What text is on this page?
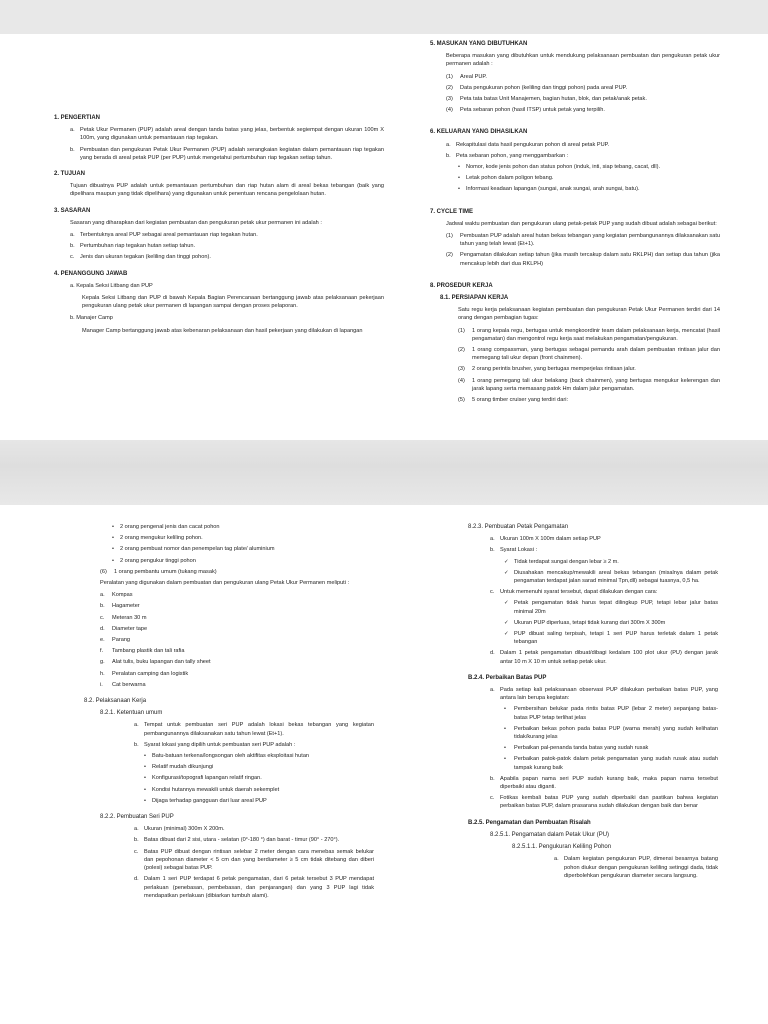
1. PENGERTIAN
a. Petak Ukur Permanen (PUP) adalah areal dengan tanda batas yang jelas, berbentuk segiempat dengan ukuran 100m X 100m, yang digunakan untuk pemantauan riap tegakan.
b. Pembuatan dan pengukuran Petak Ukur Permanen (PUP) adalah serangkaian kegiatan dalam pemantauan riap tegakan yang berada di areal petak PUP (per PUP) untuk mengetahui pertumbuhan riap tegakan setiap tahun.
2. TUJUAN

Tujuan dibuatnya PUP adalah untuk pemantauan pertumbuhan dan riap hutan alam di areal bekas tebangan (baik yang dipelihara maupun yang tidak dipelihara) yang digunakan untuk penentuan rencana pengelolaan hutan.

3. SASARAN

Sasaran yang diharapkan dari kegiatan pembuatan dan pengukuran petak ukur permanen ini adalah :

a. Terbentuknya areal PUP sebagai areal pemantauan riap tegakan hutan.
b. Pertumbuhan riap tegakan hutan setiap tahun.
c.	Jenis dan ukuran tegakan (keliling dan tinggi pohon).
4. PENANGGUNG JAWAB

a. Kepala Seksi Litbang dan PUP

Kepala Seksi Litbang dan PUP di bawah Kepala Bagian Perencanaan bertanggung jawab atas pelaksanaan pekerjaan pengukuran ulang petak ukur permanen di lapangan sampai dengan proses pelaporan.

b. Manajer Camp

Manager Camp bertanggung jawab atas kebenaran pelaksanaan dan hasil pekerjaan yang dilakukan di lapangan

5. MASUKAN YANG DIBUTUHKAN

Beberapa masukan yang dibutuhkan untuk mendukung pelaksanaan pembuatan dan pengukuran petak ukur permanen adalah :

(1)	Areal PUP.
(2)	Data pengukuran pohon (keliling dan tinggi pohon) pada areal PUP.
(3)	Peta tata batas Unit Manajemen, bagian hutan, blok, dan petak/anak petak.
(4)	Peta sebaran pohon (hasil ITSP) untuk petak yang terpilih.
6. KELUARAN YANG DIHASILKAN
a. Rekapitulasi data hasil pengukuran pohon di areal petak PUP.
b. Peta sebaran pohon, yang menggambarkan :
•	Nomor, kode jenis pohon dan status pohon (induk, inti, siap tebang, cacat, dll).
•	Letak pohon dalam poligon tebang.
•	Informasi keadaan lapangan (sungai, anak sungai, arah sungai, batu).
7. CYCLE TIME

Jadwal waktu pembuatan dan pengukuran ulang petak-petak PUP yang sudah dibuat adalah sebagai berikut:

(1)	Pembuatan PUP adalah areal hutan bekas tebangan yang kegiatan pembangunannya dilaksanakan satu tahun yang telah lewat (Et+1).
(2)	Pengamatan dilakukan setiap tahun (jika masih tercakup dalam satu RKLPH) dan setiap dua tahun (jika mencakup lebih dari dua RKLPH)
8. PROSEDUR KERJA
8.1. PERSIAPAN KERJA

Satu regu kerja pelaksanaan kegiatan pembuatan dan pengukuran Petak Ukur Permanen terdiri dari 14 orang dengan pembagian tugas:

(1)	1 orang kepala regu, bertugas untuk mengkoordinir team dalam pelaksanaan kerja, mencatat (hasil pengamatan) dan mengontrol regu kerja saat melakukan pengamatan/pengukuran.
(2)	1 orang compassman, yang bertugas sebagai pemandu arah dalam pembuatan rintisan jalur dan memegang tali ukur depan (front chainmen).
(3)	2 orang perintis brusher, yang bertugas memperjelas rintisan jalur.
(4)	1 orang pemegang tali ukur belakang (back chainmen), yang bertugas mengukur kelerengan dan jarak lapang serta memasang patok Hm dalam jalur pengamatan.
(5)	5 orang timber cruiser yang terdiri dari:
•	2 orang pengenal jenis dan cacat pohon
•	2 orang mengukur keliling pohon.
•	2 orang pembuat nomor dan penempelan tag plate/ aluminium
•	2 orang pengukur tinggi pohon
(6)	1 orang pembantu umum (tukang masak)

Peralatan yang digunakan dalam pembuatan dan pengukuran ulang Petak Ukur Permanen meliputi :

a.	Kompas
b.	Hagameter
c.	Meteran 30 m
d.	Diameter tape
e.	Parang
f.	Tambang plastik dan tali rafia
g.	Alat tulis, buku lapangan dan tally sheet
h.	Peralatan camping dan logistik
i.	Cat berwarna
8.2. Pelaksanaan Kerja
8.2.1. Ketentuan umum
a. Tempat untuk pembuatan seri PUP adalah lokasi bekas tebangan yang kegiatan pembangunannya dilaksanakan satu tahun lewat (Et+1).
b. Syarat lokasi yang dipilih untuk pembuatan seri PUP adalah :
•	Batu-batuan terkena/longsongan oleh aktifitas eksploitasi hutan
•	Relatif mudah dikunjungi
•	Konfigurasi/topografi lapangan relatif ringan.
•	Kondisi hutannya mewakili untuk daerah sekemplet
•	Dijaga terhadap gangguan dari luar areal PUP
8.2.2. Pembuatan Seri PUP
a. Ukuran (minimal) 300m X 200m.
b. Batas dibuat dari 2 sisi, utara - selatan (0°-180 °) dan barat - timur (90° - 270°).
c.	Batas PUP dibuat dengan rintisan selebar 2 meter dengan cara menebas semak belukar dan pepohonan diameter < 5 cm dan yang berdiameter ≥ 5 cm tidak ditebang dan diberi (polesi) sebagai batas PUP.
d. Dalam 1 seri PUP terdapat 6 petak pengamatan, dari 6 petak tersebut 3 PUP mendapat perlakuan (penebasan, pembebasan, dan penjarangan) dan yang 3 PUP lagi tidak mendapatkan perlakuan (dibiarkan tumbuh alami).
8.2.3. Pembuatan Petak Pengamatan
a. Ukuran 100m X 100m dalam setiap PUP
b. Syarat Lokasi :
✓ Tidak terdapat sungai dengan lebar ≥ 2 m.
✓ Diusahakan mencakup/mewakili areal bekas tebangan (misalnya dalam petak pengamatan terdapat jalan sarad minimal Tpn,dll) sebagai tuasnya, 0,5 ha.
c.	Untuk memenuhi syarat tersebut, dapat dilakukan dengan cara:
✓ Petak pengamatan tidak harus tepat dilingkup PUP, tetapi lebar jalur batas minimal 20m
✓ Ukuran PUP diperluas, tetapi tidak kurang dari 300m X 300m
✓ PUP dibuat saling terpisah, tetapi 1 seri PUP harus terletak dalam 1 petak tebangan
d. Dalam 1 petak pengamatan dibuat/dibagi kedalam 100 plot ukur (PU) dengan jarak antar 10 m X 10 m untuk setiap petak ukur.
B.2.4. Perbaikan Batas PUP
a. Pada setiap kali pelaksanaan observasi PUP dilakukan perbaikan batas PUP, yang antara lain berupa kegiatan:
•	Pembersihan belukar pada rintis batas PUP (lebar 2 meter) sepanjang batas-batas PUP tetap terlihat jelas
•	Perbaikan bekas pohon pada batas PUP (warna merah) yang sudah kelihatan tidak/kurang jelas
•	Perbaikan pal-penanda tanda batas yang sudah rusak
•	Perbaikan patok-patok dalam petak pengamatan yang sudah rusak atau sudah tampak kurang baik
b. Apabila papan nama seri PUP sudah kurang baik, maka papan nama tersebut diperbaiki atau diganti.
c.	Fotikas kembali batas PUP yang sudah diperbaiki dan pastikan bahwa kegiatan perbaikan batas PUP, dalam prasarana sudah dilakukan dengan baik dan benar
B.2.5. Pengamatan dan Pembuatan Risalah
8.2.5.1. Pengamatan dalam Petak Ukur (PU)
8.2.5.1.1. Pengukuran Keliling Pohon
a. Dalam kegiatan pengukuran PUP, dimensi besarnya batang pohon diukur dengan pengukuran keliling setinggi dada, tidak diperbolehkan pengukuran diameter secara langsung.
